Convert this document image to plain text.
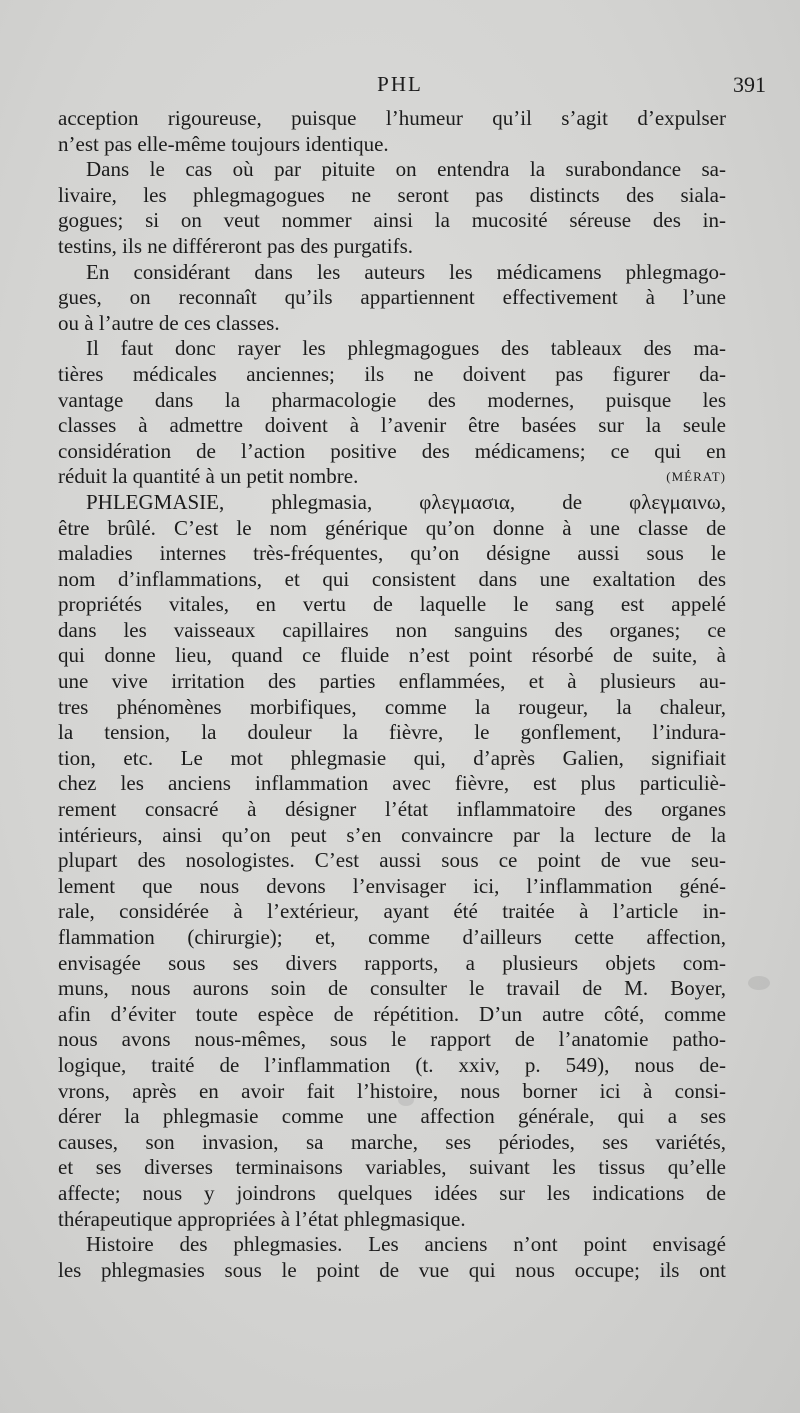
PHL	391
acception rigoureuse, puisque l’humeur qu’il s’agit d’expulser
n’est pas elle-même toujours identique.
Dans le cas où par pituite on entendra la surabondance sa-
livaire, les phlegmagogues ne seront pas distincts des siala-
gogues; si on veut nommer ainsi la mucosité séreuse des in-
testins, ils ne différeront pas des purgatifs.
En considérant dans les auteurs les médicamens phlegmago-
gues, on reconnaît qu’ils appartiennent effectivement à l’une
ou à l’autre de ces classes.
Il faut donc rayer les phlegmagogues des tableaux des ma-
tières médicales anciennes; ils ne doivent pas figurer da-
vantage dans la pharmacologie des modernes, puisque les
classes à admettre doivent à l’avenir être basées sur la seule
considération de l’action positive des médicamens; ce qui en
réduit la quantité à un petit nombre.	(MÉRAT)
PHLEGMASIE, phlegmasia, φλεγμασια, de φλεγμαινω,
être brûlé. C’est le nom générique qu’on donne à une classe de
maladies internes très-fréquentes, qu’on désigne aussi sous le
nom d’inflammations, et qui consistent dans une exaltation des
propriétés vitales, en vertu de laquelle le sang est appelé
dans les vaisseaux capillaires non sanguins des organes; ce
qui donne lieu, quand ce fluide n’est point résorbé de suite, à
une vive irritation des parties enflammées, et à plusieurs au-
tres phénomènes morbifiques, comme la rougeur, la chaleur,
la tension, la douleur la fièvre, le gonflement, l’indura-
tion, etc. Le mot phlegmasie qui, d’après Galien, signifiait
chez les anciens inflammation avec fièvre, est plus particuliè-
rement consacré à désigner l’état inflammatoire des organes
intérieurs, ainsi qu’on peut s’en convaincre par la lecture de la
plupart des nosologistes. C’est aussi sous ce point de vue seu-
lement que nous devons l’envisager ici, l’inflammation géné-
rale, considérée à l’extérieur, ayant été traitée à l’article in-
flammation (chirurgie); et, comme d’ailleurs cette affection,
envisagée sous ses divers rapports, a plusieurs objets com-
muns, nous aurons soin de consulter le travail de M. Boyer,
afin d’éviter toute espèce de répétition. D’un autre côté, comme
nous avons nous-mêmes, sous le rapport de l’anatomie patho-
logique, traité de l’inflammation (t. xxiv, p. 549), nous de-
vrons, après en avoir fait l’histoire, nous borner ici à consi-
dérer la phlegmasie comme une affection générale, qui a ses
causes, son invasion, sa marche, ses périodes, ses variétés,
et ses diverses terminaisons variables, suivant les tissus qu’elle
affecte; nous y joindrons quelques idées sur les indications de
thérapeutique appropriées à l’état phlegmasique.
Histoire des phlegmasies. Les anciens n’ont point envisagé
les phlegmasies sous le point de vue qui nous occupe; ils ont
